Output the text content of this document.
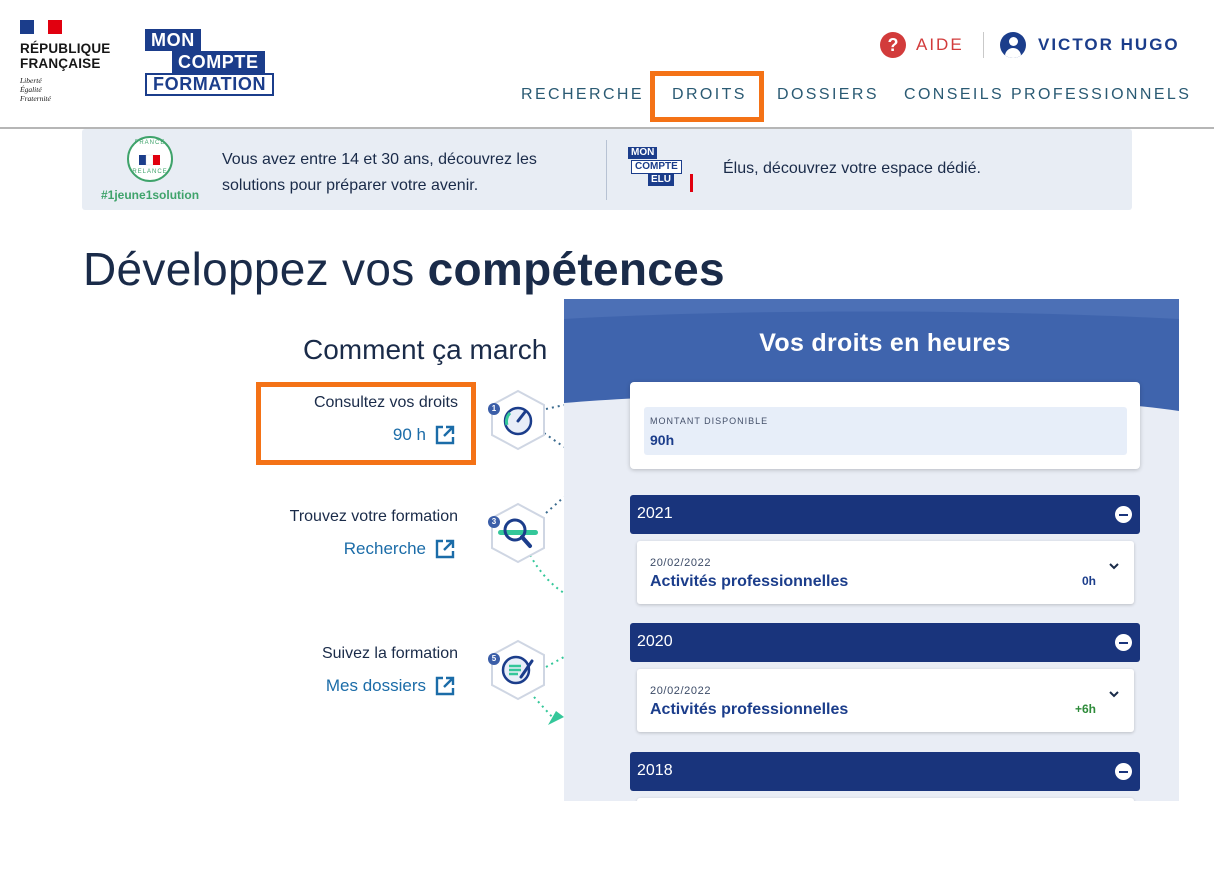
RÉPUBLIQUE
FRANÇAISE
Liberté
Égalité
Fraternité
MON
COMPTE
FORMATION
?	AIDE	VICTOR HUGO
RECHERCHE DROITS DOSSIERS CONSEILS PROFESSIONNELS
FRANCE
RELANCE
#1jeune1solution
Vous avez entre 14 et 30 ans, découvrez les solutions pour préparer votre avenir.
MON
COMPTE
ELU
Élus, découvrez votre espace dédié.
Développez vos compétences
Comment ça march
Consultez vos droits
90 h
1
Trouvez votre formation
Recherche
3
Suivez la formation
Mes dossiers
5
Vos droits en heures
MONTANT DISPONIBLE
90h
2021
20/02/2022
Activités professionnelles	0h
2020
20/02/2022
Activités professionnelles	+6h
2018
